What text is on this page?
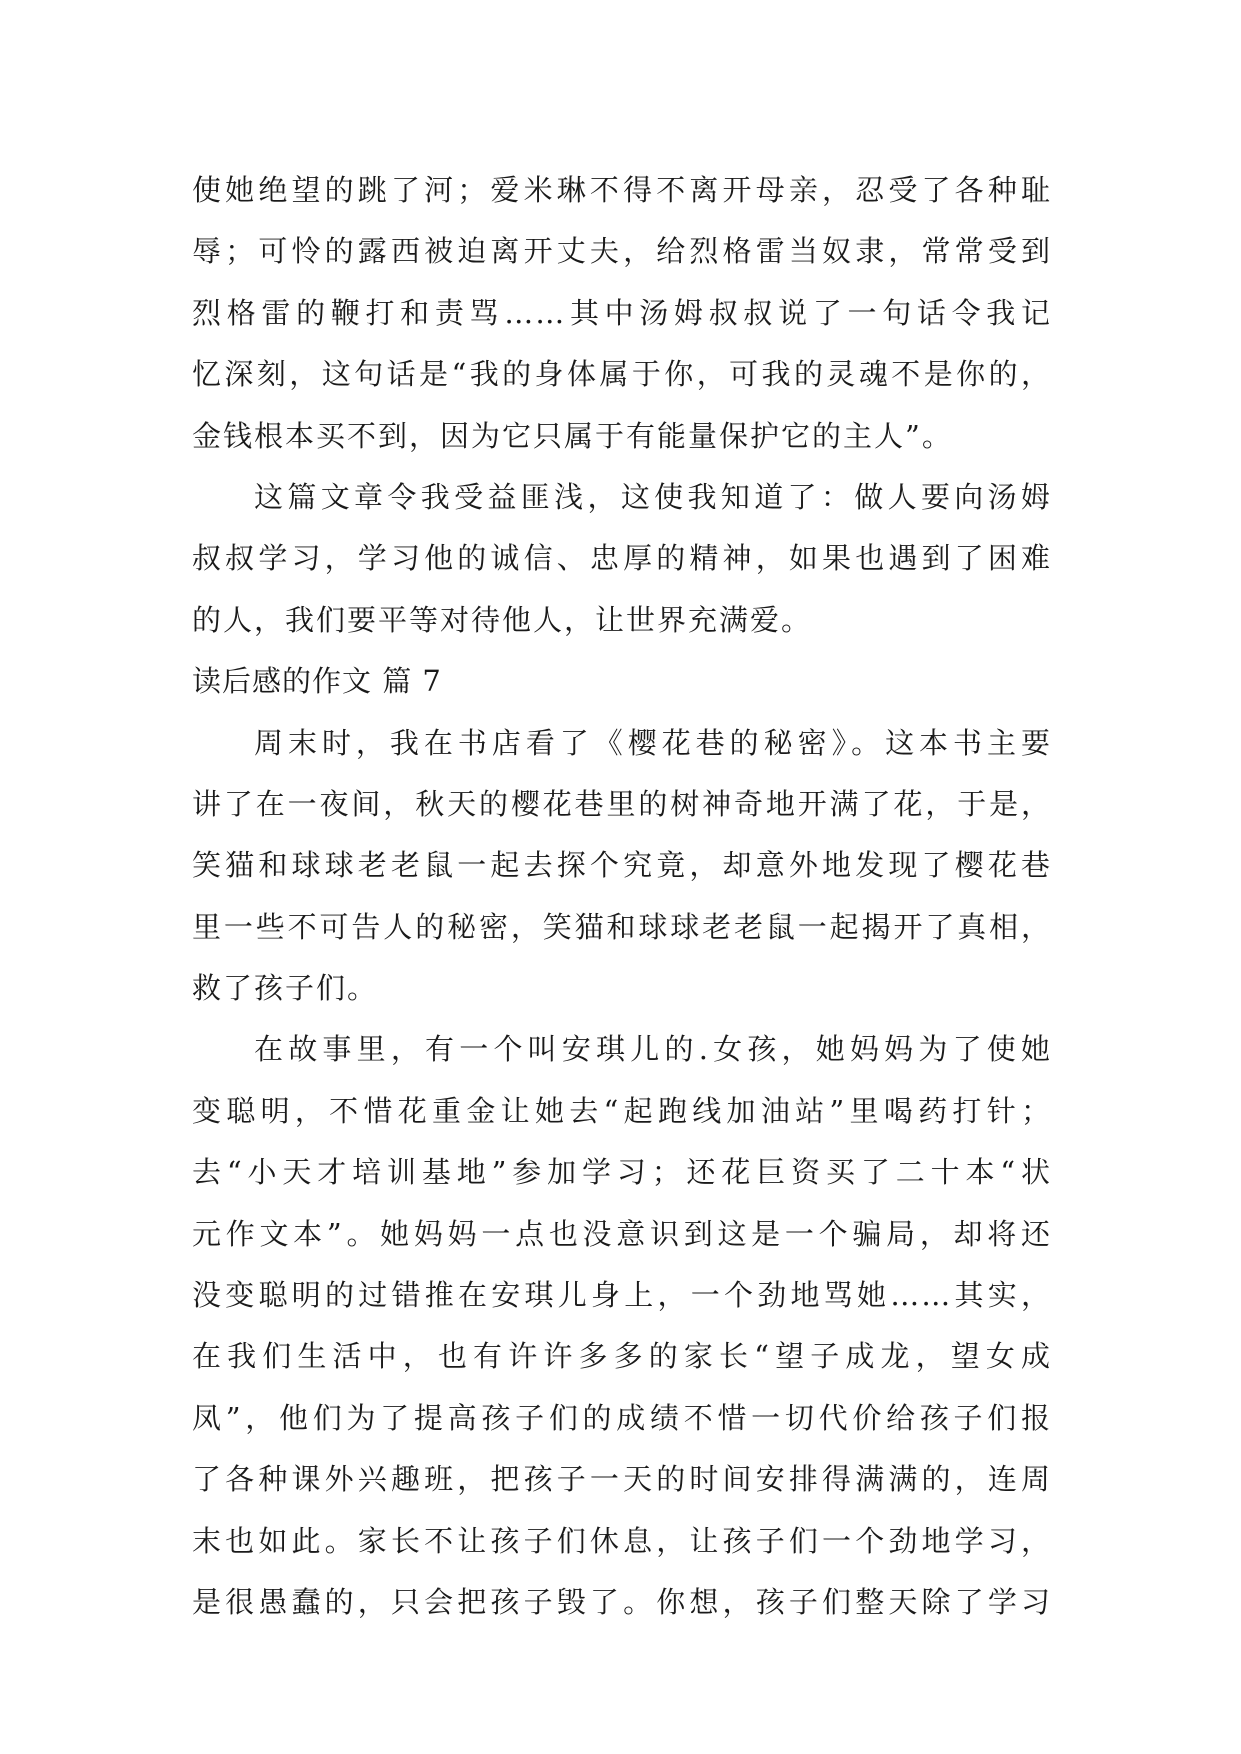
使她绝望的跳了河；爱米琳不得不离开母亲，忍受了各种耻
辱；可怜的露西被迫离开丈夫，给烈格雷当奴隶，常常受到
烈格雷的鞭打和责骂……其中汤姆叔叔说了一句话令我记
忆深刻，这句话是“我的身体属于你，可我的灵魂不是你的，
金钱根本买不到，因为它只属于有能量保护它的主人”。
这篇文章令我受益匪浅，这使我知道了：做人要向汤姆
叔叔学习，学习他的诚信、忠厚的精神，如果也遇到了困难
的人，我们要平等对待他人，让世界充满爱。
读后感的作文 篇 7
周末时，我在书店看了《樱花巷的秘密》。这本书主要
讲了在一夜间，秋天的樱花巷里的树神奇地开满了花，于是，
笑猫和球球老老鼠一起去探个究竟，却意外地发现了樱花巷
里一些不可告人的秘密，笑猫和球球老老鼠一起揭开了真相，
救了孩子们。
在故事里，有一个叫安琪儿的.女孩，她妈妈为了使她
变聪明，不惜花重金让她去“起跑线加油站”里喝药打针；
去“小天才培训基地”参加学习；还花巨资买了二十本“状
元作文本”。她妈妈一点也没意识到这是一个骗局，却将还
没变聪明的过错推在安琪儿身上，一个劲地骂她……其实，
在我们生活中，也有许许多多的家长“望子成龙，望女成
凤”，他们为了提高孩子们的成绩不惜一切代价给孩子们报
了各种课外兴趣班，把孩子一天的时间安排得满满的，连周
末也如此。家长不让孩子们休息，让孩子们一个劲地学习，
是很愚蠢的，只会把孩子毁了。你想，孩子们整天除了学习
